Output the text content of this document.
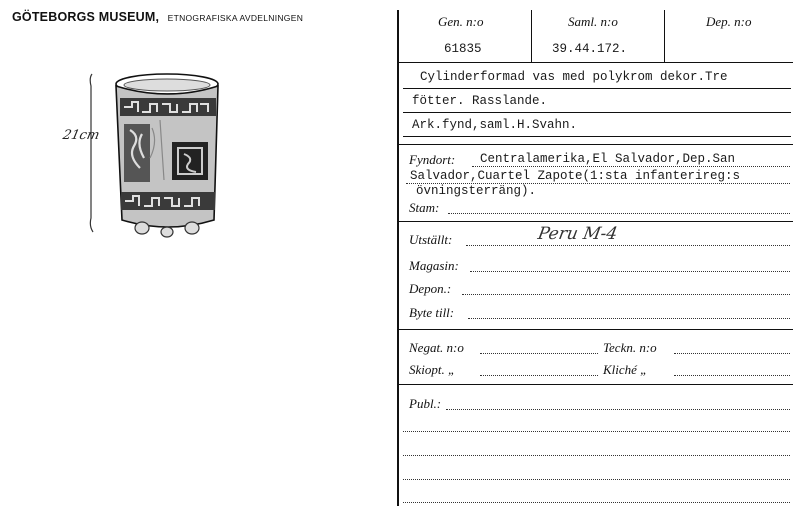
GÖTEBORGS MUSEUM, ETNOGRAFISKA AVDELNINGEN
21cm
Gen. n:o	Saml. n:o	Dep. n:o
61835	39.44.172.
Cylinderformad vas med polykrom dekor.Tre
fötter. Rasslande.
Ark.fynd,saml.H.Svahn.
Fyndort: Centralamerika,El Salvador,Dep.San
Salvador,Cuartel Zapote(1:sta infanterireg:s
övningsterräng).
Stam:
Utställt:	Peru M-4
Magasin:
Depon.:
Byte till:
Negat. n:o	Teckn. n:o
Skiopt. „	Kliché „
Publ.:
